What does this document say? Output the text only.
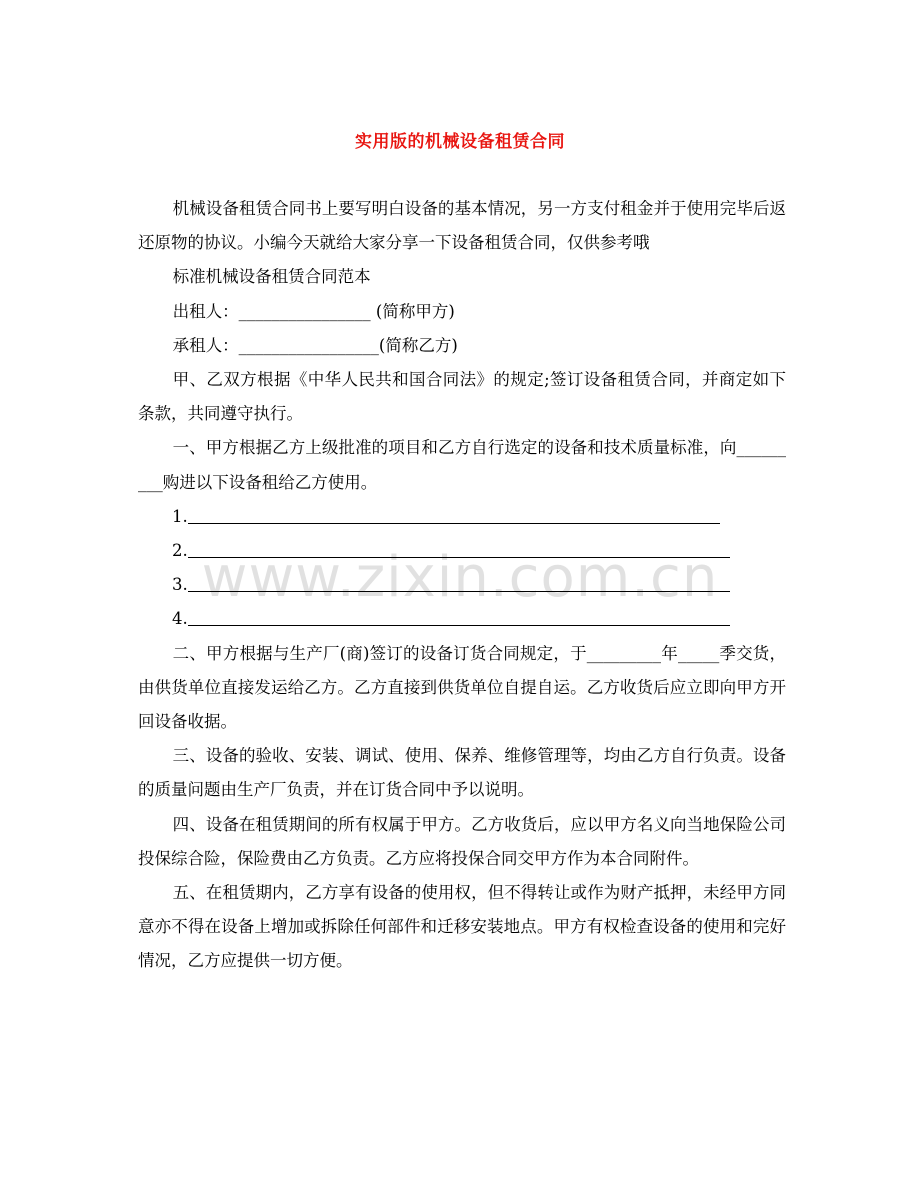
实用版的机械设备租赁合同
www.zixin.com.cn

机械设备租赁合同书上要写明白设备的基本情况，另一方支付租金并于使用完毕后返还原物的协议。小编今天就给大家分享一下设备租赁合同，仅供参考哦

标准机械设备租赁合同范本

出租人：________________ (简称甲方)

承租人：_________________(简称乙方)

甲、乙双方根据《中华人民共和国合同法》的规定;签订设备租赁合同，并商定如下条款，共同遵守执行。

一、甲方根据乙方上级批准的项目和乙方自行选定的设备和技术质量标准，向_________购进以下设备租给乙方使用。

1.

2.

3.

4.

二、甲方根据与生产厂(商)签订的设备订货合同规定，于_________年_____季交货，由供货单位直接发运给乙方。乙方直接到供货单位自提自运。乙方收货后应立即向甲方开回设备收据。

三、设备的验收、安装、调试、使用、保养、维修管理等，均由乙方自行负责。设备的质量问题由生产厂负责，并在订货合同中予以说明。

四、设备在租赁期间的所有权属于甲方。乙方收货后，应以甲方名义向当地保险公司投保综合险，保险费由乙方负责。乙方应将投保合同交甲方作为本合同附件。

五、在租赁期内，乙方享有设备的使用权，但不得转让或作为财产抵押，未经甲方同意亦不得在设备上增加或拆除任何部件和迁移安装地点。甲方有权检查设备的使用和完好情况，乙方应提供一切方便。
